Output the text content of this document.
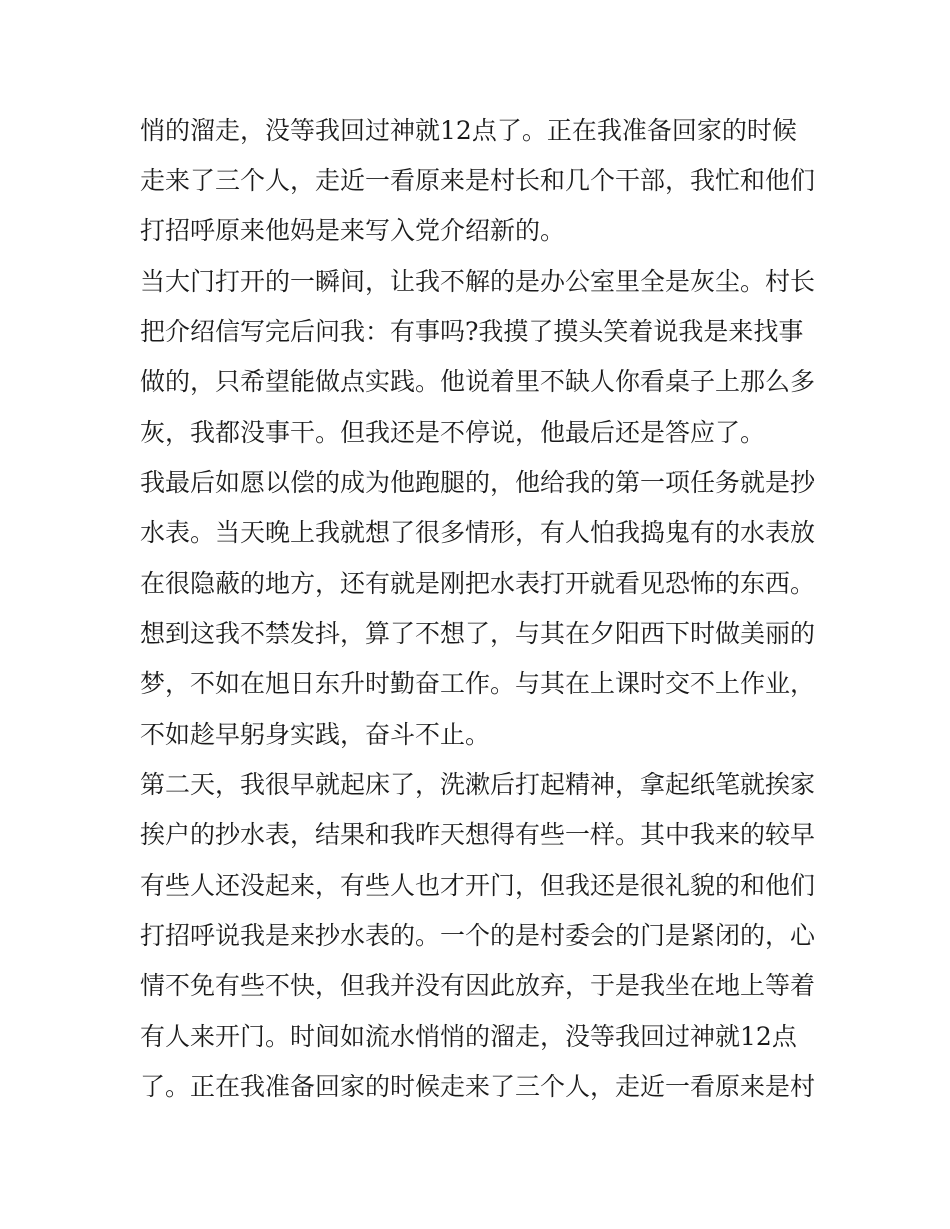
悄的溜走，没等我回过神就12点了。正在我准备回家的时候
走来了三个人，走近一看原来是村长和几个干部，我忙和他们
打招呼原来他妈是来写入党介绍新的。
当大门打开的一瞬间，让我不解的是办公室里全是灰尘。村长
把介绍信写完后问我：有事吗?我摸了摸头笑着说我是来找事
做的，只希望能做点实践。他说着里不缺人你看桌子上那么多
灰，我都没事干。但我还是不停说，他最后还是答应了。
我最后如愿以偿的成为他跑腿的，他给我的第一项任务就是抄
水表。当天晚上我就想了很多情形，有人怕我捣鬼有的水表放
在很隐蔽的地方，还有就是刚把水表打开就看见恐怖的东西。
想到这我不禁发抖，算了不想了，与其在夕阳西下时做美丽的
梦，不如在旭日东升时勤奋工作。与其在上课时交不上作业，
不如趁早躬身实践，奋斗不止。
第二天，我很早就起床了，洗漱后打起精神，拿起纸笔就挨家
挨户的抄水表，结果和我昨天想得有些一样。其中我来的较早
有些人还没起来，有些人也才开门，但我还是很礼貌的和他们
打招呼说我是来抄水表的。一个的是村委会的门是紧闭的，心
情不免有些不快，但我并没有因此放弃，于是我坐在地上等着
有人来开门。时间如流水悄悄的溜走，没等我回过神就12点
了。正在我准备回家的时候走来了三个人，走近一看原来是村
